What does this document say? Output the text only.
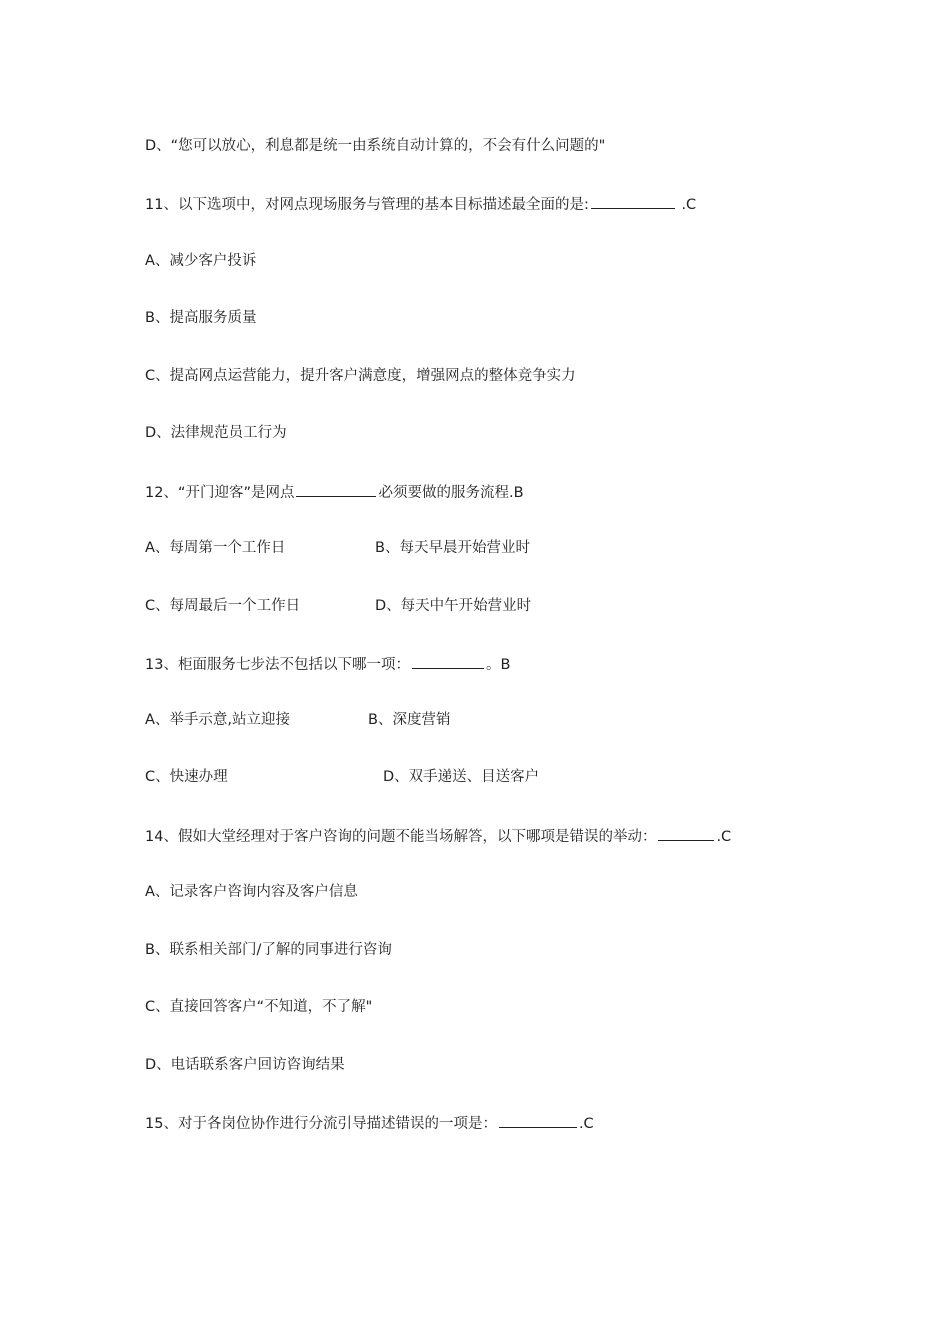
D、“您可以放心，利息都是统一由系统自动计算的，不会有什么问题的"
11、以下选项中，对网点现场服务与管理的基本目标描述最全面的是:	.C
A、减少客户投诉
B、提高服务质量
C、提高网点运营能力，提升客户满意度，增强网点的整体竞争实力
D、法律规范员工行为
12、“开门迎客”是网点	必须要做的服务流程.B
A、每周第一个工作日	B、每天早晨开始营业时
C、每周最后一个工作日	D、每天中午开始营业时
13、柜面服务七步法不包括以下哪一项：	。B
A、举手示意,站立迎接	B、深度营销
C、快速办理	D、双手递送、目送客户
14、假如大堂经理对于客户咨询的问题不能当场解答，以下哪项是错误的举动：	.C
A、记录客户咨询内容及客户信息
B、联系相关部门/了解的同事进行咨询
C、直接回答客户“不知道，不了解"
D、电话联系客户回访咨询结果
15、对于各岗位协作进行分流引导描述错误的一项是：	.C
